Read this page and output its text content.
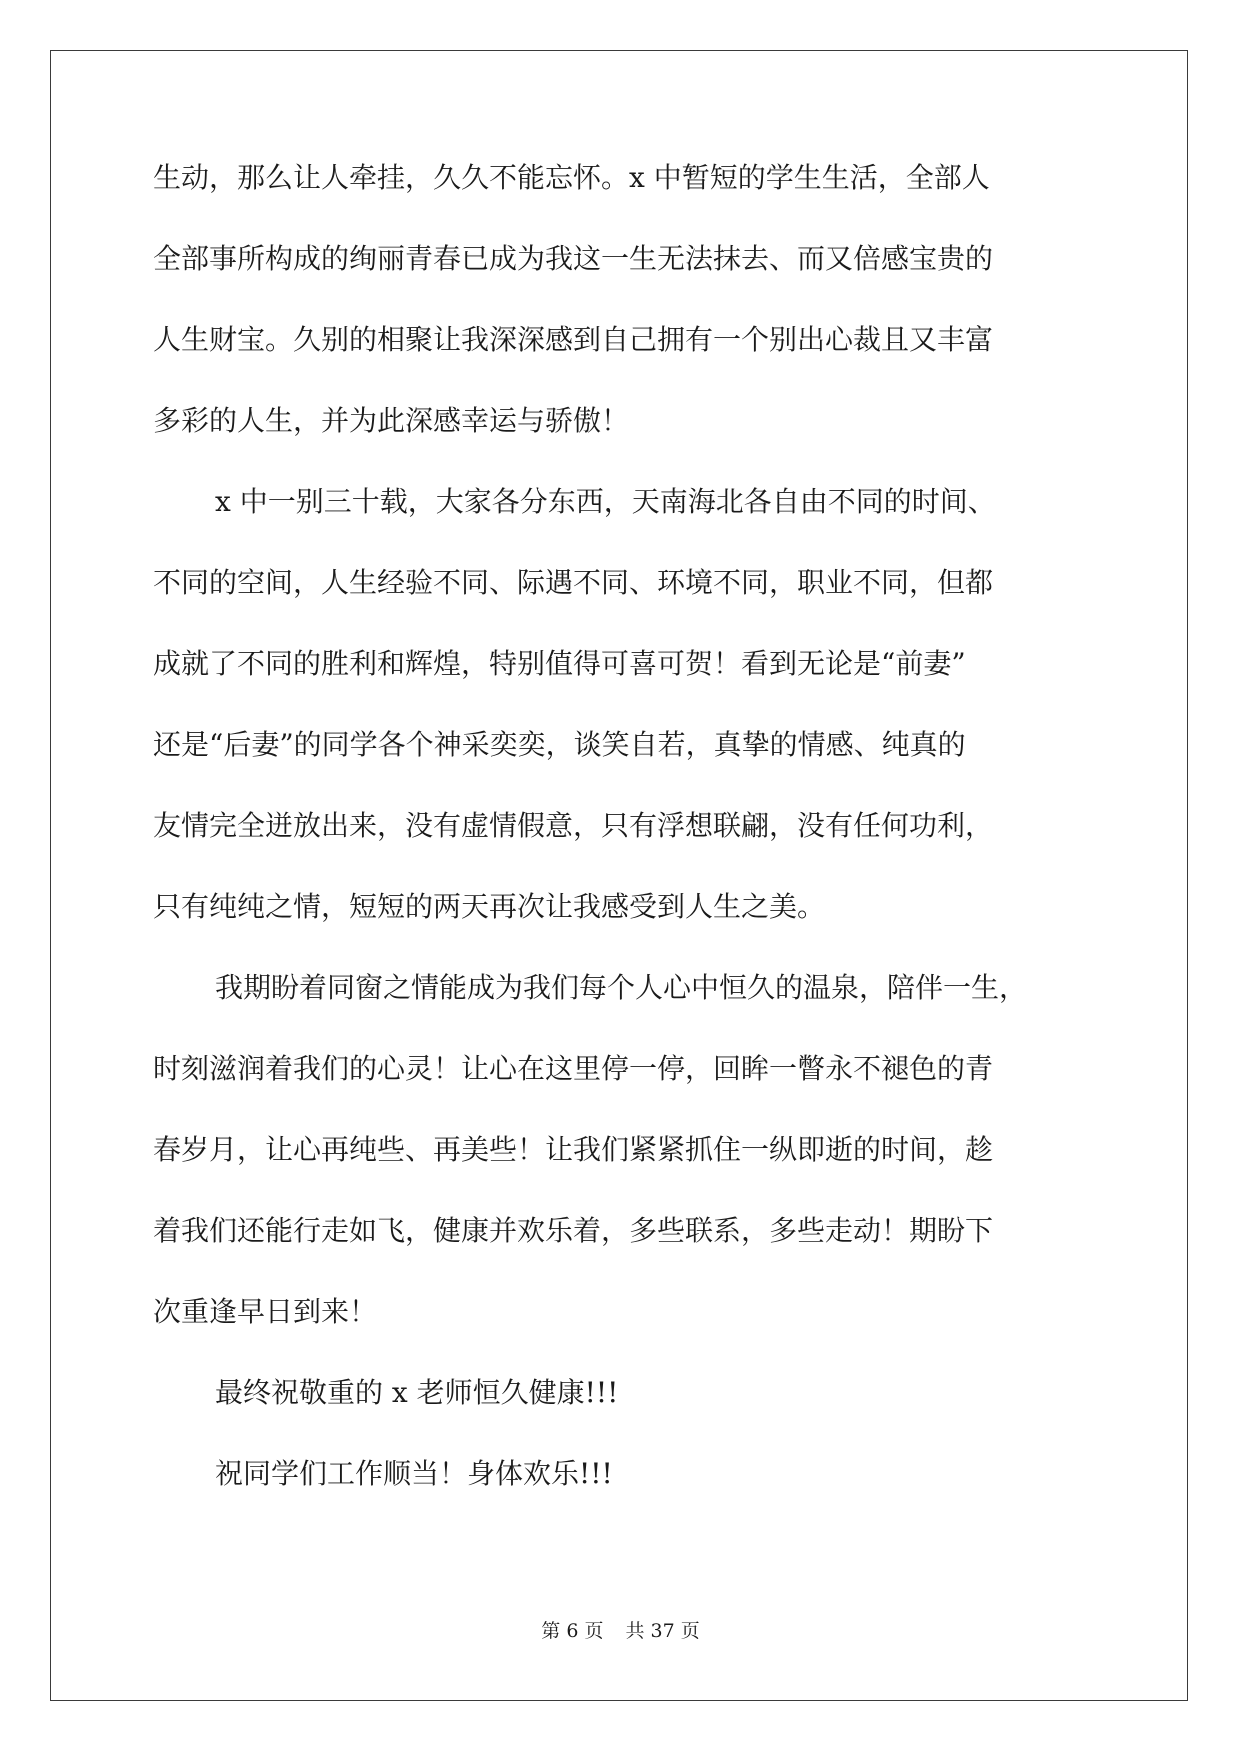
生动，那么让人牵挂，久久不能忘怀。x 中暂短的学生生活，全部人

全部事所构成的绚丽青春已成为我这一生无法抹去、而又倍感宝贵的

人生财宝。久别的相聚让我深深感到自己拥有一个别出心裁且又丰富

多彩的人生，并为此深感幸运与骄傲！

x 中一别三十载，大家各分东西，天南海北各自由不同的时间、

不同的空间，人生经验不同、际遇不同、环境不同，职业不同，但都

成就了不同的胜利和辉煌，特别值得可喜可贺！看到无论是“前妻”

还是“后妻”的同学各个神采奕奕，谈笑自若，真挚的情感、纯真的

友情完全迸放出来，没有虚情假意，只有浮想联翩，没有任何功利，

只有纯纯之情，短短的两天再次让我感受到人生之美。

我期盼着同窗之情能成为我们每个人心中恒久的温泉，陪伴一生，

时刻滋润着我们的心灵！让心在这里停一停，回眸一瞥永不褪色的青

春岁月，让心再纯些、再美些！让我们紧紧抓住一纵即逝的时间，趁

着我们还能行走如飞，健康并欢乐着，多些联系，多些走动！期盼下

次重逢早日到来！

最终祝敬重的 x 老师恒久健康!!!

祝同学们工作顺当！身体欢乐!!!

第 6 页 共 37 页
